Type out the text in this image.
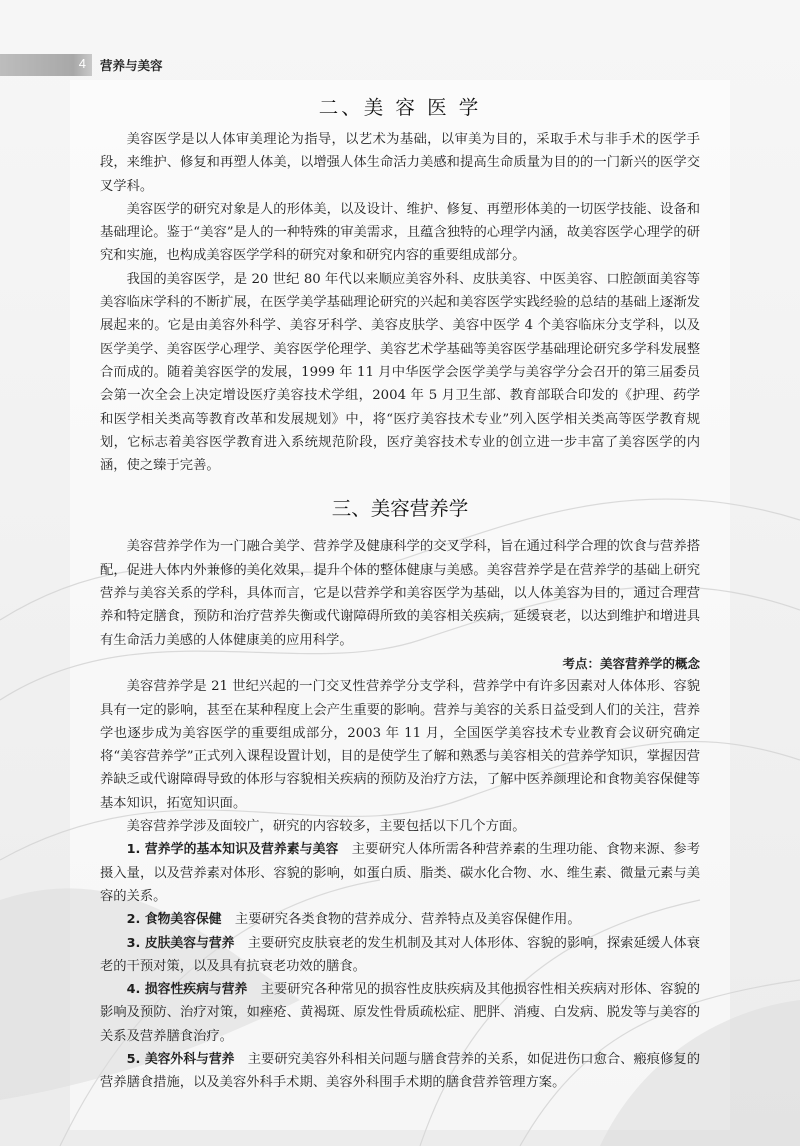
4 营养与美容
二、美 容 医 学

美容医学是以人体审美理论为指导，以艺术为基础，以审美为目的，采取手术与非手术的医学手段，来维护、修复和再塑人体美，以增强人体生命活力美感和提高生命质量为目的的一门新兴的医学交叉学科。

美容医学的研究对象是人的形体美，以及设计、维护、修复、再塑形体美的一切医学技能、设备和基础理论。鉴于“美容”是人的一种特殊的审美需求，且蕴含独特的心理学内涵，故美容医学心理学的研究和实施，也构成美容医学学科的研究对象和研究内容的重要组成部分。

我国的美容医学，是 20 世纪 80 年代以来顺应美容外科、皮肤美容、中医美容、口腔颌面美容等美容临床学科的不断扩展，在医学美学基础理论研究的兴起和美容医学实践经验的总结的基础上逐渐发展起来的。它是由美容外科学、美容牙科学、美容皮肤学、美容中医学 4 个美容临床分支学科，以及医学美学、美容医学心理学、美容医学伦理学、美容艺术学基础等美容医学基础理论研究多学科发展整合而成的。随着美容医学的发展，1999 年 11 月中华医学会医学美学与美容学分会召开的第三届委员会第一次全会上决定增设医疗美容技术学组，2004 年 5 月卫生部、教育部联合印发的《护理、药学和医学相关类高等教育改革和发展规划》中，将“医疗美容技术专业”列入医学相关类高等医学教育规划，它标志着美容医学教育进入系统规范阶段，医疗美容技术专业的创立进一步丰富了美容医学的内涵，使之臻于完善。

三、美容营养学

美容营养学作为一门融合美学、营养学及健康科学的交叉学科，旨在通过科学合理的饮食与营养搭配，促进人体内外兼修的美化效果，提升个体的整体健康与美感。美容营养学是在营养学的基础上研究营养与美容关系的学科，具体而言，它是以营养学和美容医学为基础，以人体美容为目的，通过合理营养和特定膳食，预防和治疗营养失衡或代谢障碍所致的美容相关疾病，延缓衰老，以达到维护和增进具有生命活力美感的人体健康美的应用科学。

考点：美容营养学的概念

美容营养学是 21 世纪兴起的一门交叉性营养学分支学科，营养学中有许多因素对人体体形、容貌具有一定的影响，甚至在某种程度上会产生重要的影响。营养与美容的关系日益受到人们的关注，营养学也逐步成为美容医学的重要组成部分，2003 年 11 月，全国医学美容技术专业教育会议研究确定将“美容营养学”正式列入课程设置计划，目的是使学生了解和熟悉与美容相关的营养学知识，掌握因营养缺乏或代谢障碍导致的体形与容貌相关疾病的预防及治疗方法，了解中医养颜理论和食物美容保健等基本知识，拓宽知识面。

美容营养学涉及面较广，研究的内容较多，主要包括以下几个方面。

1. 营养学的基本知识及营养素与美容　主要研究人体所需各种营养素的生理功能、食物来源、参考摄入量，以及营养素对体形、容貌的影响，如蛋白质、脂类、碳水化合物、水、维生素、微量元素与美容的关系。

2. 食物美容保健　主要研究各类食物的营养成分、营养特点及美容保健作用。

3. 皮肤美容与营养　主要研究皮肤衰老的发生机制及其对人体形体、容貌的影响，探索延缓人体衰老的干预对策，以及具有抗衰老功效的膳食。

4. 损容性疾病与营养　主要研究各种常见的损容性皮肤疾病及其他损容性相关疾病对形体、容貌的影响及预防、治疗对策，如痤疮、黄褐斑、原发性骨质疏松症、肥胖、消瘦、白发病、脱发等与美容的关系及营养膳食治疗。

5. 美容外科与营养　主要研究美容外科相关问题与膳食营养的关系，如促进伤口愈合、瘢痕修复的营养膳食措施，以及美容外科手术期、美容外科围手术期的膳食营养管理方案。
